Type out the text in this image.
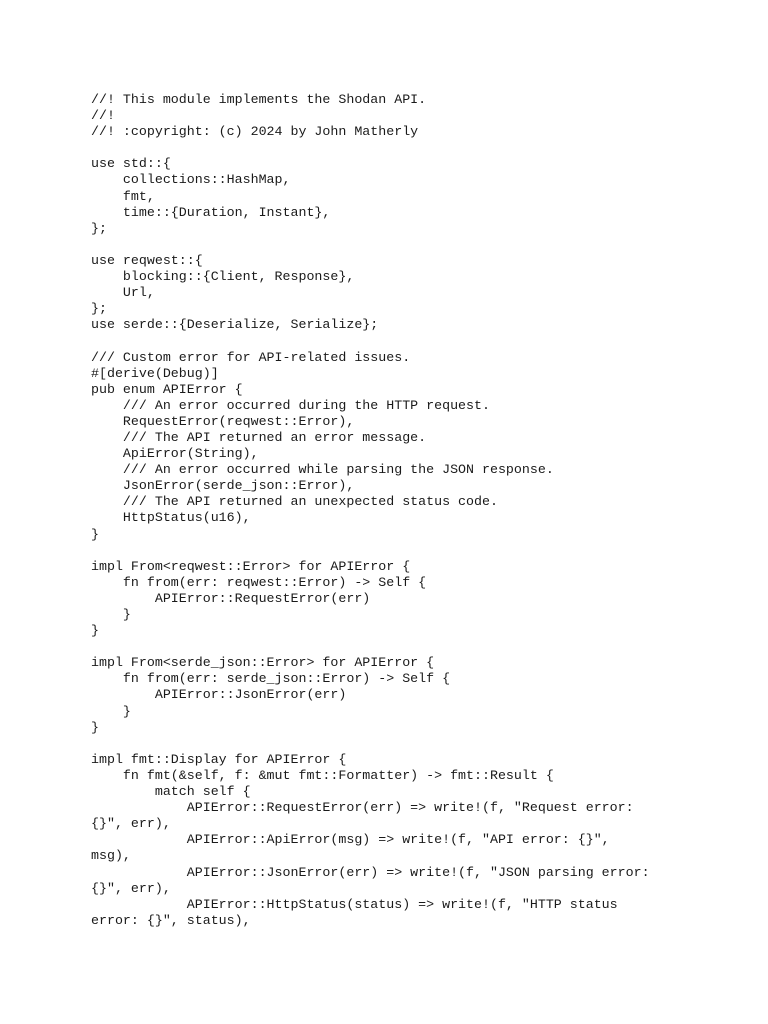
//! This module implements the Shodan API.
//!
//! :copyright: (c) 2024 by John Matherly
use std::{
collections::HashMap,
fmt,
time::{Duration, Instant},
};
use reqwest::{
blocking::{Client, Response},
Url,
};
use serde::{Deserialize, Serialize};
/// Custom error for API-related issues.
#[derive(Debug)]
pub enum APIError {
/// An error occurred during the HTTP request.
RequestError(reqwest::Error),
/// The API returned an error message.
ApiError(String),
/// An error occurred while parsing the JSON response.
JsonError(serde_json::Error),
/// The API returned an unexpected status code.
HttpStatus(u16),
}
impl From<reqwest::Error> for APIError {
fn from(err: reqwest::Error) -> Self {
APIError::RequestError(err)
}
}
impl From<serde_json::Error> for APIError {
fn from(err: serde_json::Error) -> Self {
APIError::JsonError(err)
}
}
impl fmt::Display for APIError {
fn fmt(&self, f: &mut fmt::Formatter) -> fmt::Result {
match self {
APIError::RequestError(err) => write!(f, "Request error:
{}", err),
APIError::ApiError(msg) => write!(f, "API error: {}",
msg),
APIError::JsonError(err) => write!(f, "JSON parsing error:
{}", err),
APIError::HttpStatus(status) => write!(f, "HTTP status
error: {}", status),
